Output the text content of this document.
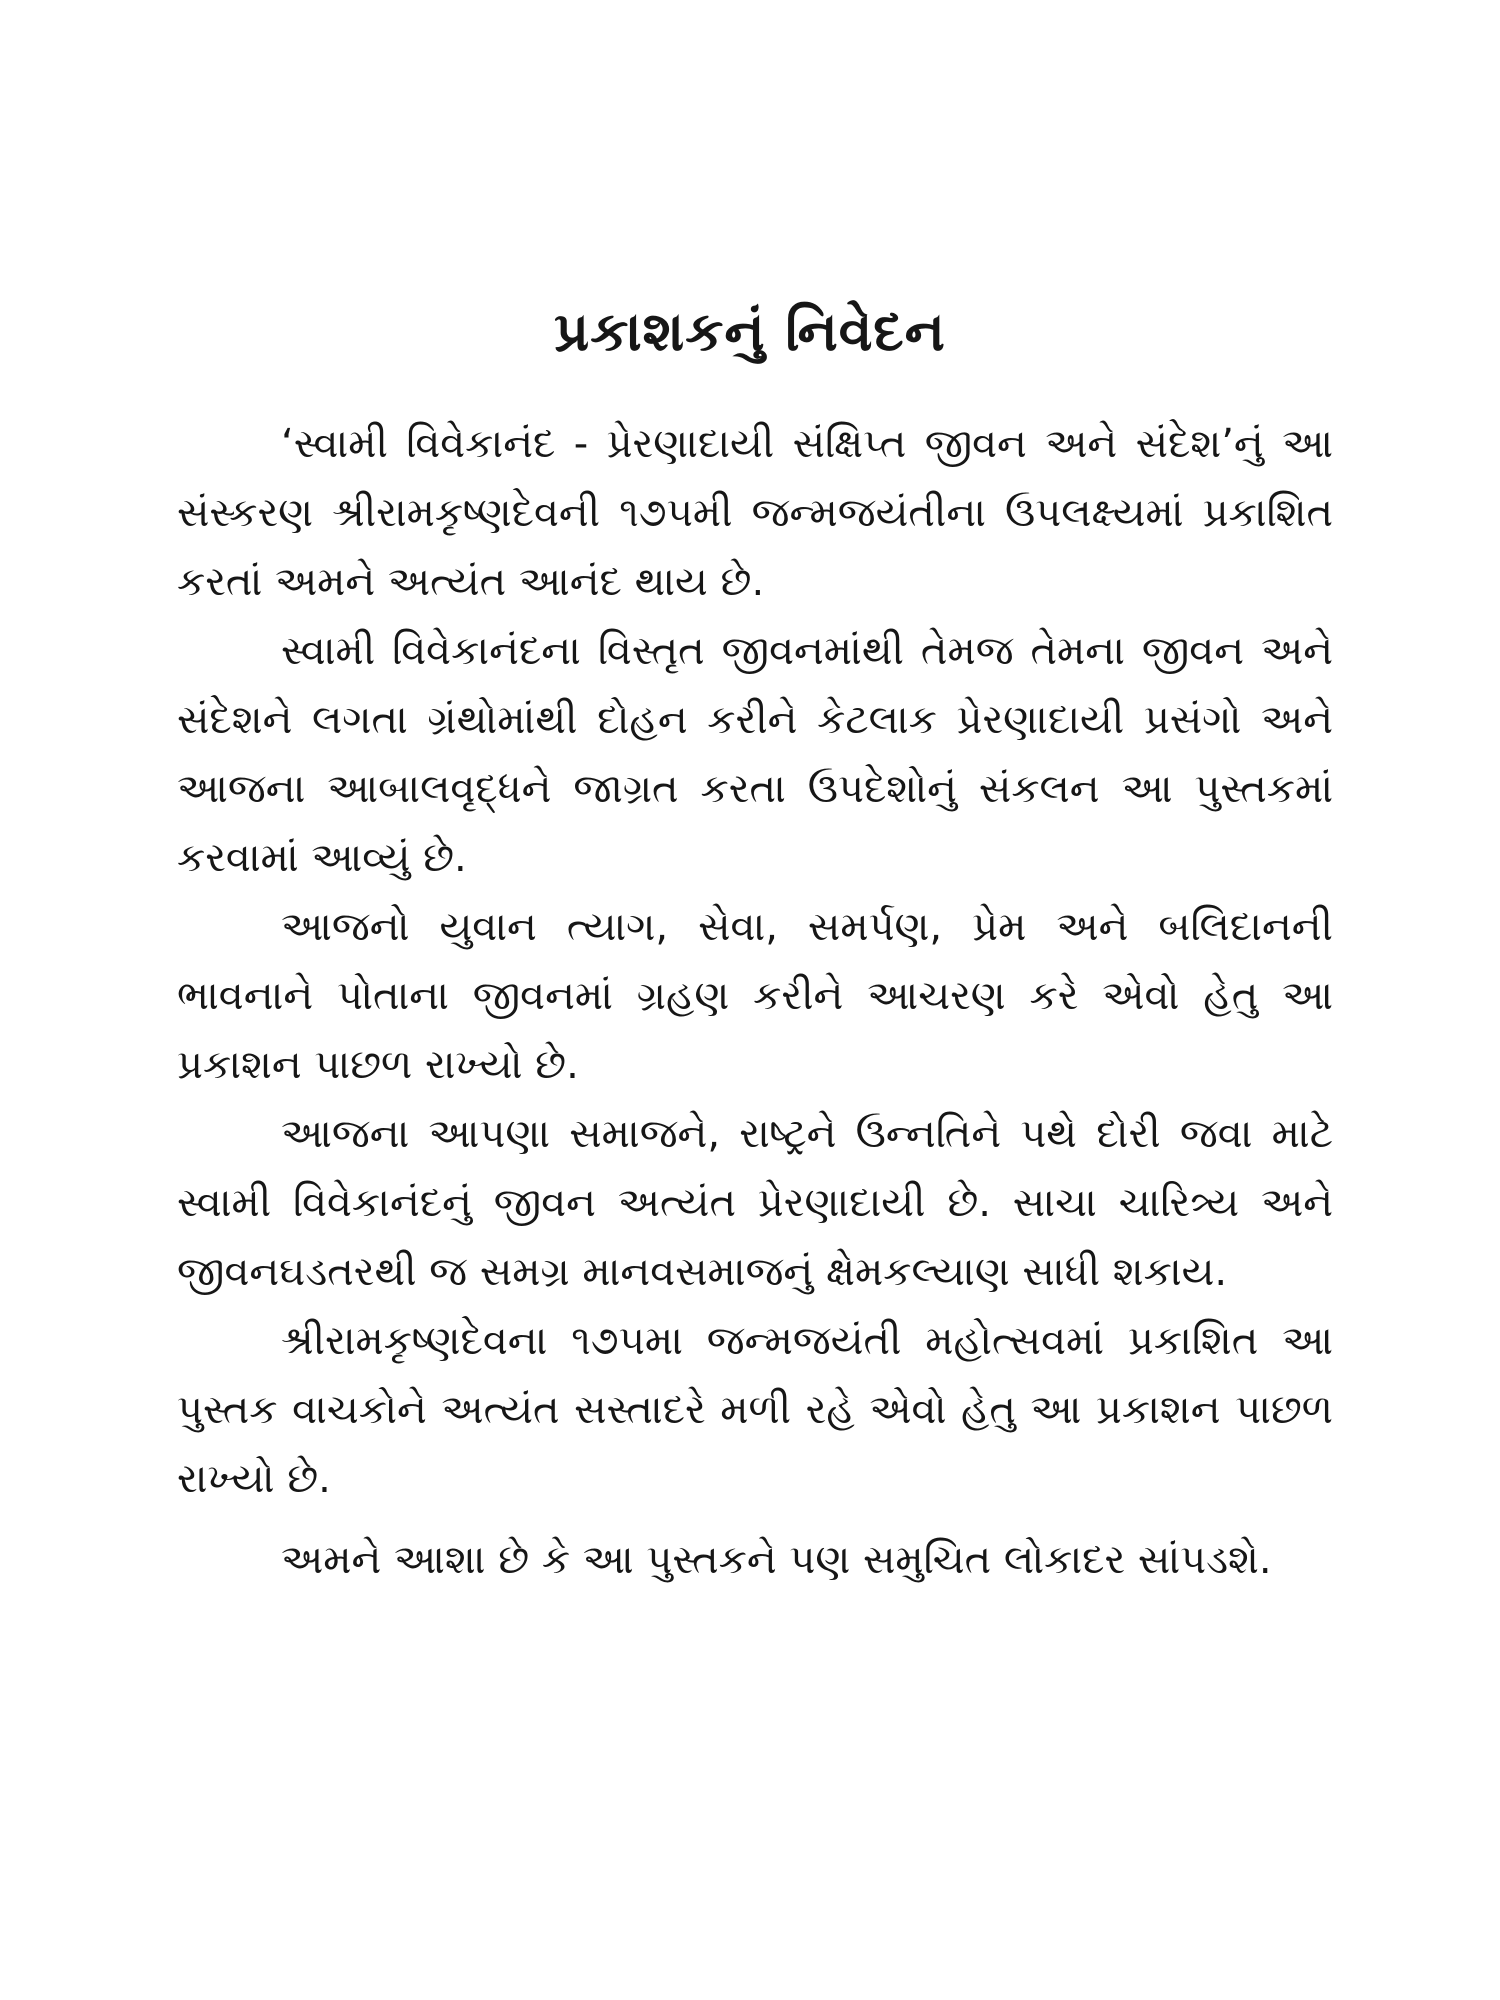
પ્રકાશકનું નિવેદન

‘સ્વામી વિવેકાનંદ - પ્રેરણાદાયી સંક્ષિપ્ત જીવન અને સંદેશ’નું આ સંસ્કરણ શ્રીરામકૃષ્ણદેવની ૧૭૫મી જન્મજયંતીના ઉપલક્ષ્યમાં પ્રકાશિત કરતાં અમને અત્યંત આનંદ થાય છે.

સ્વામી વિવેકાનંદના વિસ્તૃત જીવનમાંથી તેમજ તેમના જીવન અને સંદેશને લગતા ગ્રંથોમાંથી દોહન કરીને કેટલાક પ્રેરણાદાયી પ્રસંગો અને આજના આબાલવૃદ્ધને જાગ્રત કરતા ઉપદેશોનું સંકલન આ પુસ્તકમાં કરવામાં આવ્યું છે.

આજનો યુવાન ત્યાગ, સેવા, સમર્પણ, પ્રેમ અને બલિદાનની ભાવનાને પોતાના જીવનમાં ગ્રહણ કરીને આચરણ કરે એવો હેતુ આ પ્રકાશન પાછળ રાખ્યો છે.

આજના આપણા સમાજને, રાષ્ટ્રને ઉન્નતિને પથે દોરી જવા માટે સ્વામી વિવેકાનંદનું જીવન અત્યંત પ્રેરણાદાયી છે. સાચા ચારિત્ર્ય અને જીવનઘડતરથી જ સમગ્ર માનવસમાજનું ક્ષેમકલ્યાણ સાધી શકાય.

શ્રીરામકૃષ્ણદેવના ૧૭૫મા જન્મજયંતી મહોત્સવમાં પ્રકાશિત આ પુસ્તક વાચકોને અત્યંત સસ્તાદરે મળી રહે એવો હેતુ આ પ્રકાશન પાછળ રાખ્યો છે.

અમને આશા છે કે આ પુસ્તકને પણ સમુચિત લોકાદર સાંપડશે.
